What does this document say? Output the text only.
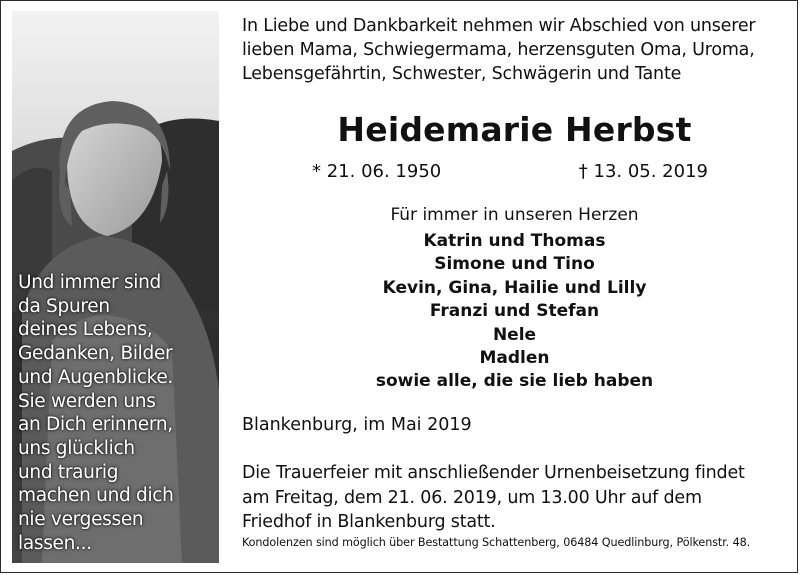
Und immer sind
da Spuren
deines Lebens,
Gedanken, Bilder
und Augenblicke.
Sie werden uns
an Dich erinnern,
uns glücklich
und traurig
machen und dich
nie vergessen
lassen...
In Liebe und Dankbarkeit nehmen wir Abschied von unserer
lieben Mama, Schwiegermama, herzensguten Oma, Uroma,
Lebensgefährtin, Schwester, Schwägerin und Tante
Heidemarie Herbst
* 21. 06. 1950	† 13. 05. 2019
Für immer in unseren Herzen
Katrin und Thomas
Simone und Tino
Kevin, Gina, Hailie und Lilly
Franzi und Stefan
Nele
Madlen
sowie alle, die sie lieb haben
Blankenburg, im Mai 2019
Die Trauerfeier mit anschließender Urnenbeisetzung findet
am Freitag, dem 21. 06. 2019, um 13.00 Uhr auf dem
Friedhof in Blankenburg statt.
Kondolenzen sind möglich über Bestattung Schattenberg, 06484 Quedlinburg, Pölkenstr. 48.
